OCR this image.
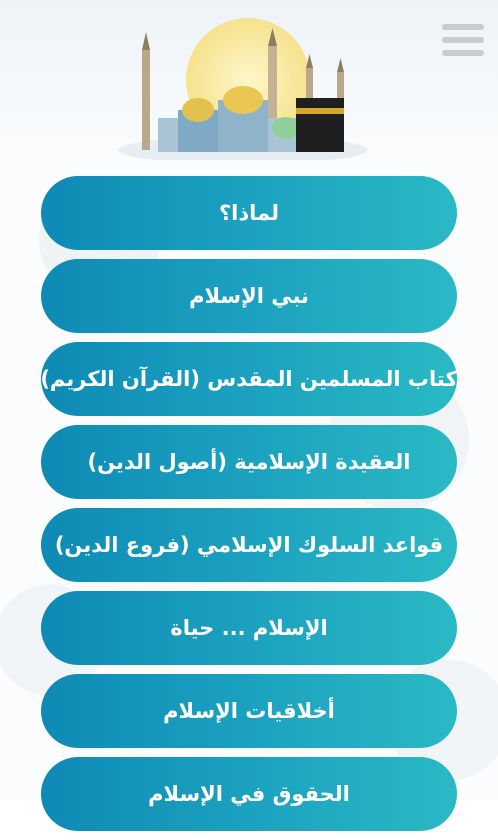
لماذا؟
نبي الإسلام
كتاب المسلمين المقدس (القرآن الكريم)
العقيدة الإسلامية (أصول الدين)
قواعد السلوك الإسلامي (فروع الدين)
الإسلام ... حياة
أخلاقيات الإسلام
الحقوق في الإسلام
